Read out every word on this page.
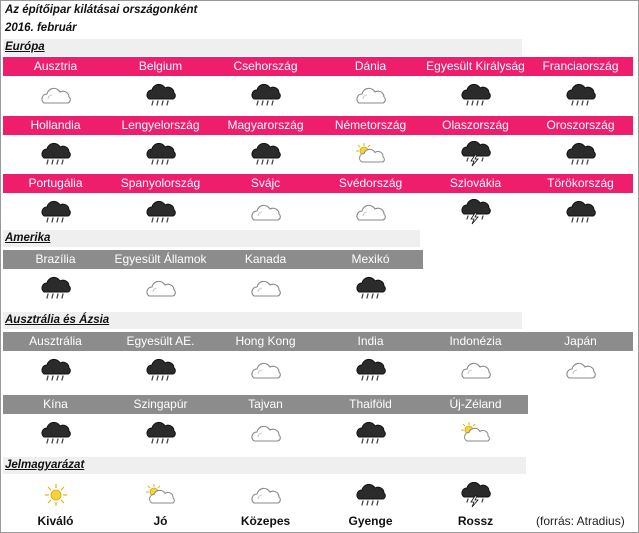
Az építőipar kilátásai országonként
2016. február
Európa
Ausztria	Belgium	Csehország	Dánia	Egyesült Királyság	Franciaország
Hollandia	Lengyelország	Magyarország	Németország	Olaszország	Oroszország
Portugália	Spanyolország	Svájc	Svédország	Szlovákia	Törökország
Amerika
Brazília	Egyesült Államok	Kanada	Mexikó
Ausztrália és Ázsia
Ausztrália	Egyesült AE.	Hong Kong	India	Indonézia	Japán
Kína	Szingapúr	Tajvan	Thaiföld	Új-Zéland
Jelmagyarázat
Kiváló	Jó	Közepes	Gyenge	Rossz	(forrás: Atradius)
